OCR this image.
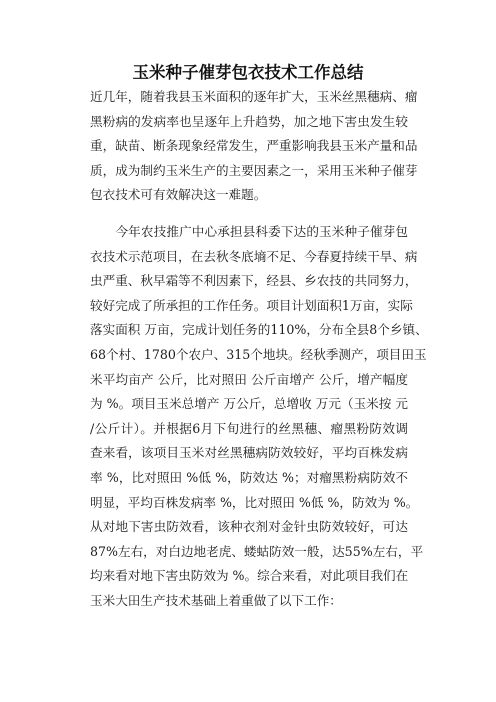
玉米种子催芽包衣技术工作总结
近几年，随着我县玉米面积的逐年扩大，玉米丝黑穗病、瘤
黑粉病的发病率也呈逐年上升趋势，加之地下害虫发生较
重，缺苗、断条现象经常发生，严重影响我县玉米产量和品
质，成为制约玉米生产的主要因素之一，采用玉米种子催芽
包衣技术可有效解决这一难题。
　　今年农技推广中心承担县科委下达的玉米种子催芽包
衣技术示范项目，在去秋冬底墒不足、今春夏持续干旱、病
虫严重、秋早霜等不利因素下，经县、乡农技的共同努力，
较好完成了所承担的工作任务。项目计划面积1万亩，实际
落实面积 万亩，完成计划任务的110%，分布全县8个乡镇、
68个村、1780个农户、315个地块。经秋季测产，项目田玉
米平均亩产 公斤，比对照田 公斤亩增产 公斤，增产幅度
为 %。项目玉米总增产 万公斤，总增收 万元（玉米按 元
/公斤计）。并根据6月下旬进行的丝黑穗、瘤黑粉防效调
查来看，该项目玉米对丝黑穗病防效较好，平均百株发病
率 %，比对照田 %低 %，防效达 %；对瘤黑粉病防效不
明显，平均百株发病率 %，比对照田 %低 %，防效为 %。
从对地下害虫防效看，该种衣剂对金针虫防效较好，可达
87%左右，对白边地老虎、蝼蛄防效一般，达55%左右，平
均来看对地下害虫防效为 %。综合来看，对此项目我们在
玉米大田生产技术基础上着重做了以下工作：
